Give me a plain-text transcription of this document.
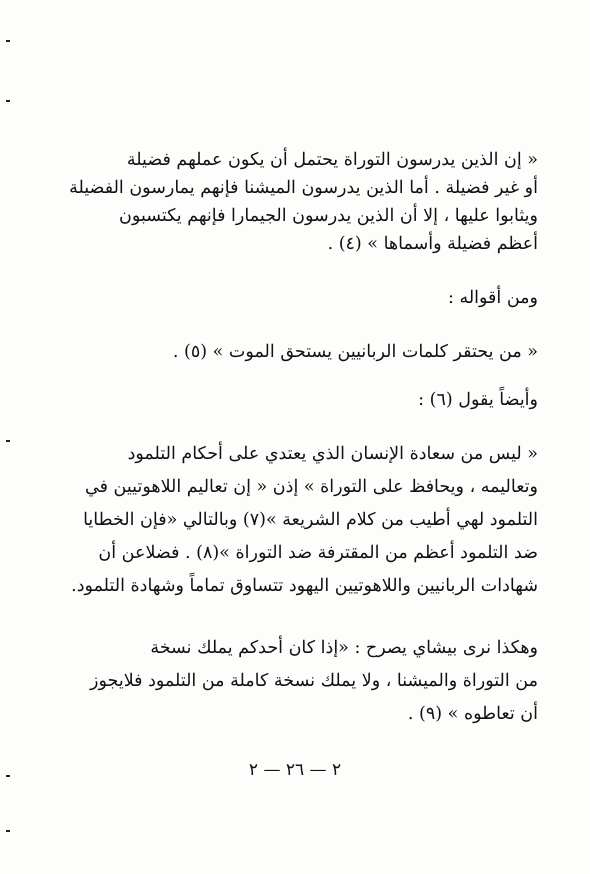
« إن الذين يدرسون التوراة يحتمل أن يكون عملهم فضيلة
أو غير فضيلة . أما الذين يدرسون الميشنا فإنهم يمارسون الفضيلة
ويثابوا عليها ، إلا أن الذين يدرسون الجيمارا فإنهم يكتسبون
أعظم فضيلة وأسماها » (٤) .
ومن أقواله :
« من يحتقر كلمات الربانيين يستحق الموت » (٥) .
وأيضاً يقول (٦) :
« ليس من سعادة الإنسان الذي يعتدي على أحكام التلمود
وتعاليمه ، ويحافظ على التوراة » إذن « إن تعاليم اللاهوتيين في
التلمود لهي أطيب من كلام الشريعة »(٧) وبالتالي «فإن الخطايا
ضد التلمود أعظم من المقترفة ضد التوراة »(٨) . فضلاعن أن
شهادات الربانيين واللاهوتيين اليهود تتساوق تماماً وشهادة التلمود.
وهكذا نرى بيشاي يصرح : «إذا كان أحدكم يملك نسخة
من التوراة والميشنا ، ولا يملك نسخة كاملة من التلمود فلايجوز
أن تعاطوه » (٩) .
٢ — ٢٦ — ٢
